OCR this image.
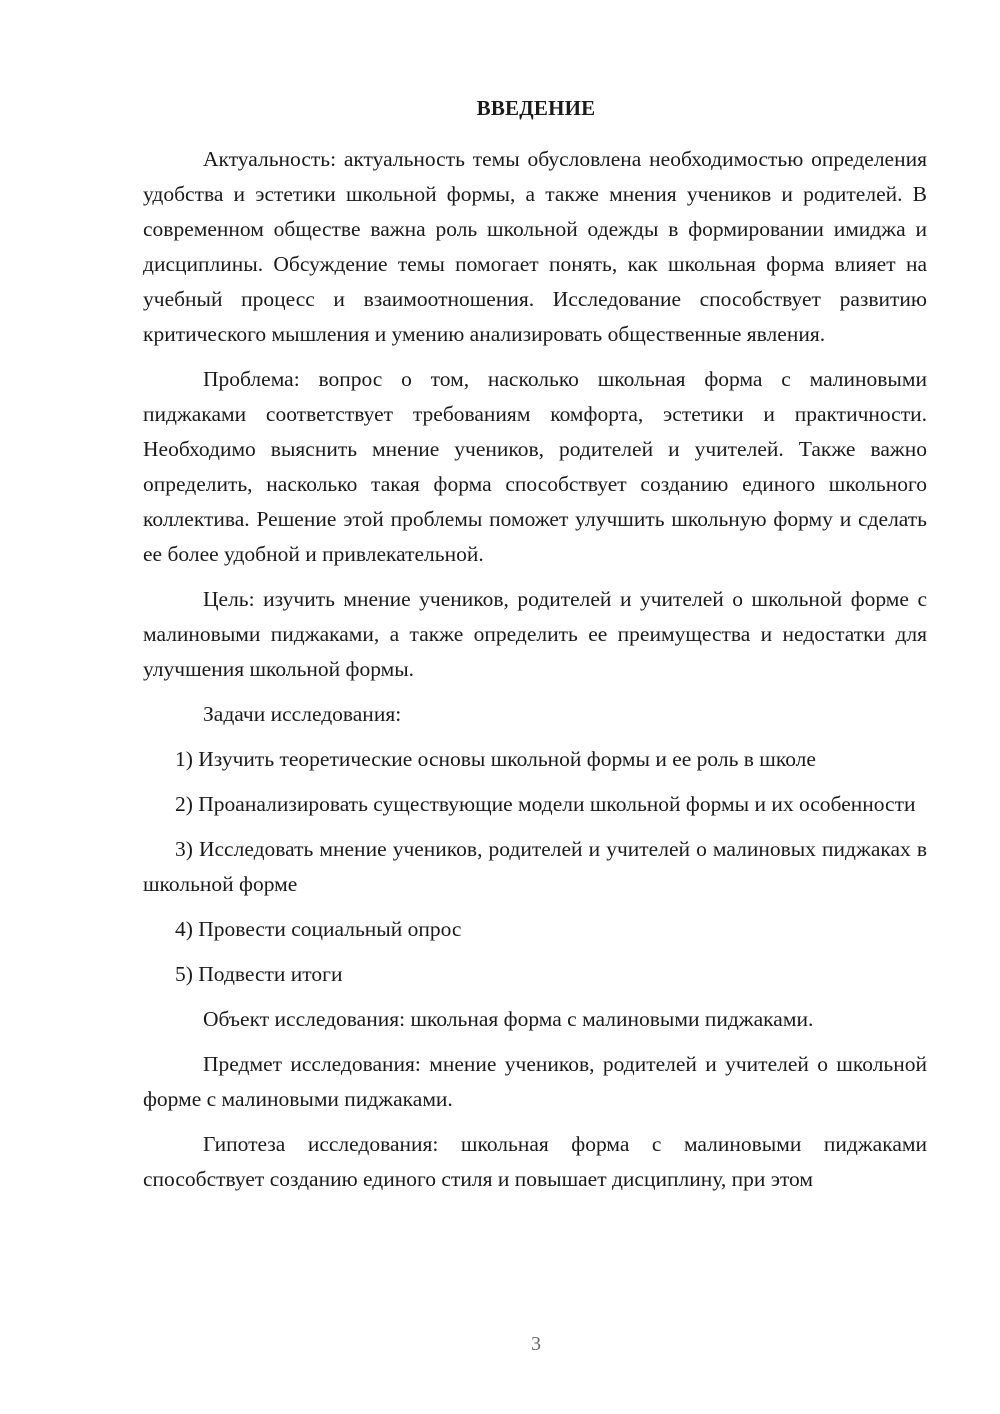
ВВЕДЕНИЕ

Актуальность: актуальность темы обусловлена необходимостью определения удобства и эстетики школьной формы, а также мнения учеников и родителей. В современном обществе важна роль школьной одежды в формировании имиджа и дисциплины. Обсуждение темы помогает понять, как школьная форма влияет на учебный процесс и взаимоотношения. Исследование способствует развитию критического мышления и умению анализировать общественные явления.

Проблема: вопрос о том, насколько школьная форма с малиновыми пиджаками соответствует требованиям комфорта, эстетики и практичности. Необходимо выяснить мнение учеников, родителей и учителей. Также важно определить, насколько такая форма способствует созданию единого школьного коллектива. Решение этой проблемы поможет улучшить школьную форму и сделать ее более удобной и привлекательной.

Цель: изучить мнение учеников, родителей и учителей о школьной форме с малиновыми пиджаками, а также определить ее преимущества и недостатки для улучшения школьной формы.

Задачи исследования:

1) Изучить теоретические основы школьной формы и ее роль в школе

2) Проанализировать существующие модели школьной формы и их особенности

3) Исследовать мнение учеников, родителей и учителей о малиновых пиджаках в школьной форме

4) Провести социальный опрос

5) Подвести итоги

Объект исследования: школьная форма с малиновыми пиджаками.

Предмет исследования: мнение учеников, родителей и учителей о школьной форме с малиновыми пиджаками.

Гипотеза исследования: школьная форма с малиновыми пиджаками способствует созданию единого стиля и повышает дисциплину, при этом

3
